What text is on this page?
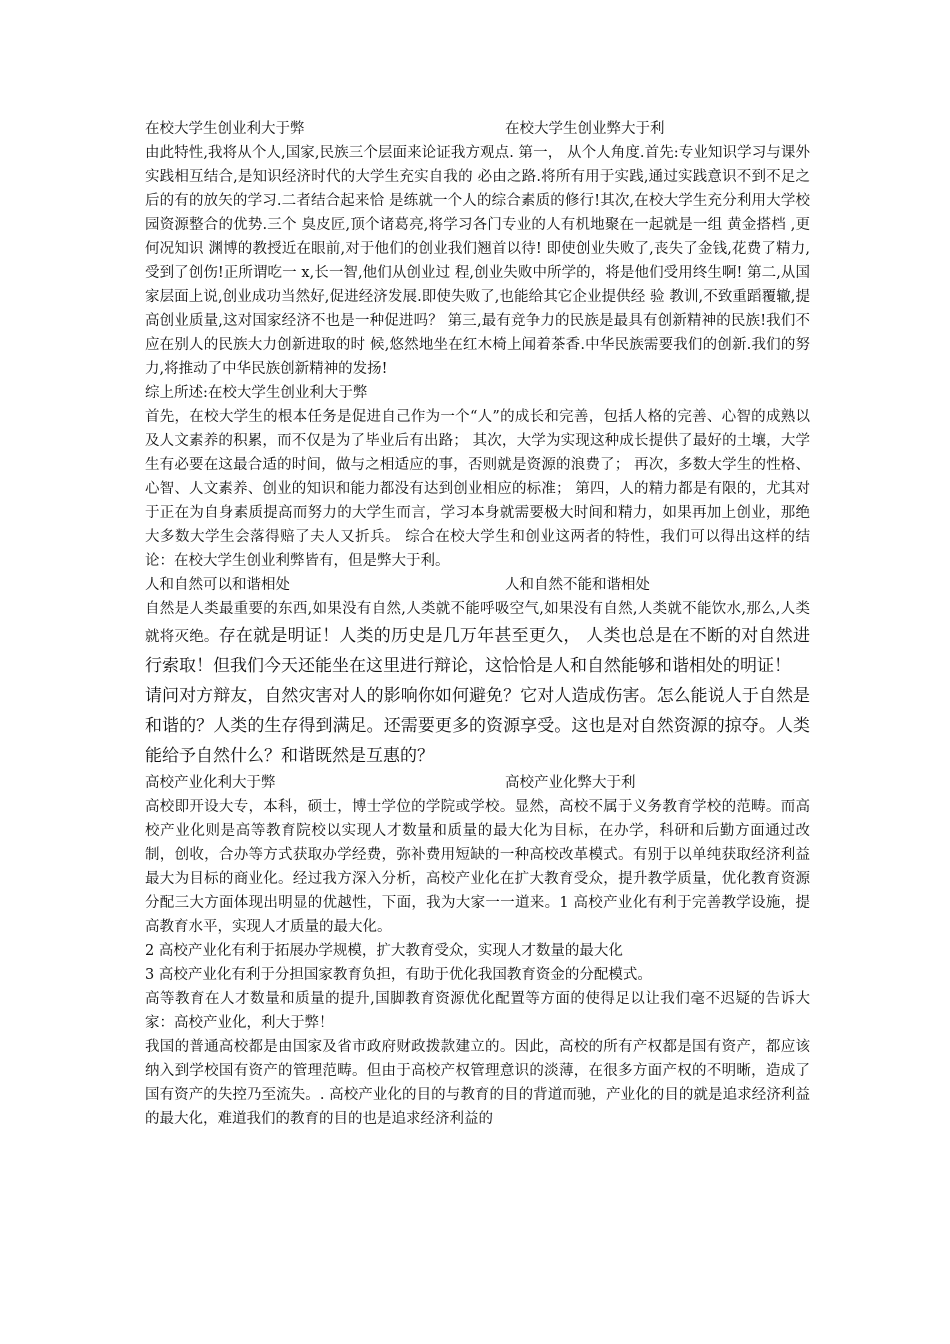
在校大学生创业利大于弊	在校大学生创业弊大于利

由此特性,我将从个人,国家,民族三个层面来论证我方观点. 第一， 从个人角度.首先:专业知识学习与课外实践相互结合,是知识经济时代的大学生充实自我的 必由之路.将所有用于实践,通过实践意识不到不足之后的有的放矢的学习.二者结合起来恰 是练就一个人的综合素质的修行!其次,在校大学生充分利用大学校园资源整合的优势.三个 臭皮匠,顶个诸葛亮,将学习各门专业的人有机地聚在一起就是一组 黄金搭档 ,更何况知识 渊博的教授近在眼前,对于他们的创业我们翘首以待! 即使创业失败了,丧失了金钱,花费了精力,受到了创伤!正所谓吃一 x,长一智,他们从创业过 程,创业失败中所学的，将是他们受用终生啊! 第二,从国家层面上说,创业成功当然好,促进经济发展.即使失败了,也能给其它企业提供经 验 教训,不致重蹈覆辙,提高创业质量,这对国家经济不也是一种促进吗？ 第三,最有竞争力的民族是最具有创新精神的民族!我们不应在别人的民族大力创新进取的时 候,悠然地坐在红木椅上闻着茶香.中华民族需要我们的创新.我们的努力,将推动了中华民族创新精神的发扬!

综上所述:在校大学生创业利大于弊

首先，在校大学生的根本任务是促进自己作为一个“人”的成长和完善，包括人格的完善、心智的成熟以及人文素养的积累，而不仅是为了毕业后有出路； 其次，大学为实现这种成长提供了最好的土壤，大学生有必要在这最合适的时间，做与之相适应的事，否则就是资源的浪费了； 再次，多数大学生的性格、心智、人文素养、创业的知识和能力都没有达到创业相应的标准； 第四，人的精力都是有限的，尤其对于正在为自身素质提高而努力的大学生而言，学习本身就需要极大时间和精力，如果再加上创业，那绝大多数大学生会落得赔了夫人又折兵。 综合在校大学生和创业这两者的特性，我们可以得出这样的结论：在校大学生创业利弊皆有，但是弊大于利。

人和自然可以和谐相处	人和自然不能和谐相处

自然是人类最重要的东西,如果没有自然,人类就不能呼吸空气,如果没有自然,人类就不能饮水,那么,人类就将灭绝。存在就是明证！人类的历史是几万年甚至更久， 人类也总是在不断的对自然进行索取！但我们今天还能坐在这里进行辩论，这恰恰是人和自然能够和谐相处的明证！

请问对方辩友，自然灾害对人的影响你如何避免？它对人造成伤害。怎么能说人于自然是和谐的？人类的生存得到满足。还需要更多的资源享受。这也是对自然资源的掠夺。人类能给予自然什么？和谐既然是互惠的？

高校产业化利大于弊	高校产业化弊大于利

高校即开设大专，本科，硕士，博士学位的学院或学校。显然，高校不属于义务教育学校的范畴。而高校产业化则是高等教育院校以实现人才数量和质量的最大化为目标，在办学，科研和后勤方面通过改制，创收，合办等方式获取办学经费，弥补费用短缺的一种高校改革模式。有别于以单纯获取经济利益最大为目标的商业化。经过我方深入分析，高校产业化在扩大教育受众，提升教学质量，优化教育资源分配三大方面体现出明显的优越性，下面，我为大家一一道来。1 高校产业化有利于完善教学设施，提高教育水平，实现人才质量的最大化。

2 高校产业化有利于拓展办学规模，扩大教育受众，实现人才数量的最大化

3 高校产业化有利于分担国家教育负担，有助于优化我国教育资金的分配模式。

高等教育在人才数量和质量的提升,国脚教育资源优化配置等方面的使得足以让我们毫不迟疑的告诉大家：高校产业化，利大于弊！

我国的普通高校都是由国家及省市政府财政拨款建立的。因此，高校的所有产权都是国有资产，都应该纳入到学校国有资产的管理范畴。但由于高校产权管理意识的淡薄，在很多方面产权的不明晰，造成了国有资产的失控乃至流失。. 高校产业化的目的与教育的目的背道而驰，产业化的目的就是追求经济利益的最大化，难道我们的教育的目的也是追求经济利益的
